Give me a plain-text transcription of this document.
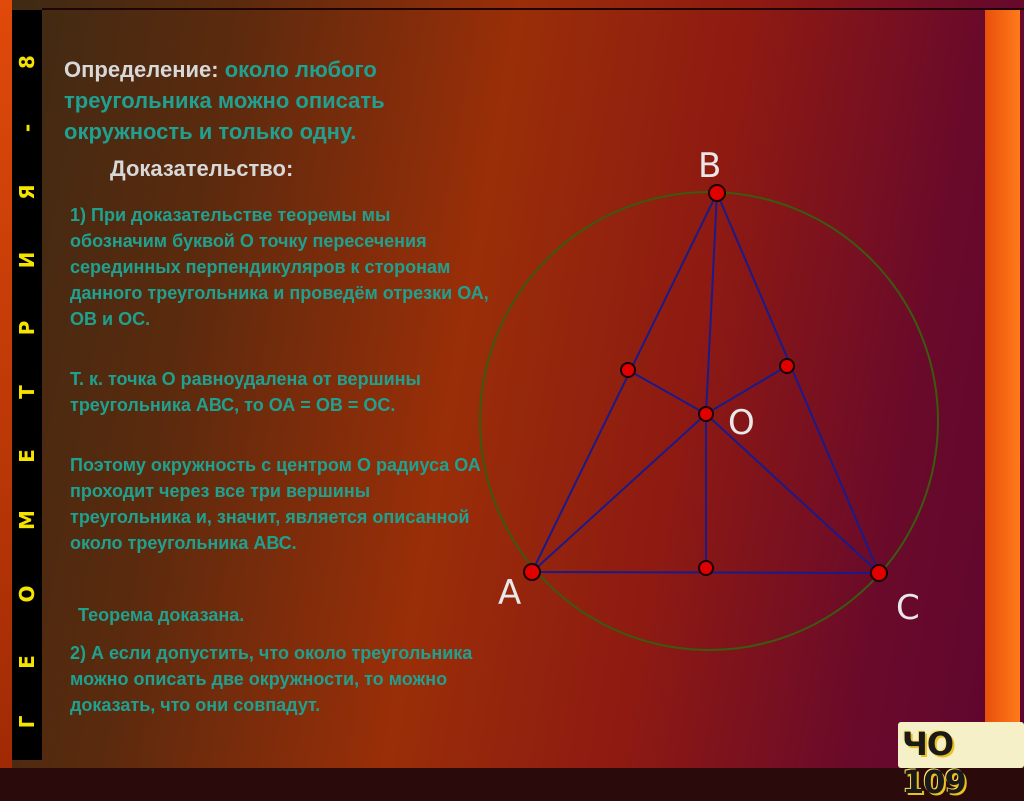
Г
Е
О
М
Е
Т
Р
И
Я
-
8 Определение: около любого треугольника можно описать окружность и только одну.
Доказательство:
1) При доказательстве теоремы мы обозначим буквой О точку пересечения серединных перпендикуляров к сторонам данного треугольника и проведём отрезки ОА, ОВ и ОС.
Т. к. точка О равноудалена от вершины треугольника АВС, то ОА = ОВ = ОС.
Поэтому окружность с центром О радиуса ОА проходит через все три вершины треугольника и, значит, является описанной около треугольника АВС.
Теорема доказана.
2) А если допустить, что около треугольника можно описать две окружности, то можно доказать, что они совпадут.
A
B
C
O
ЧО 109
